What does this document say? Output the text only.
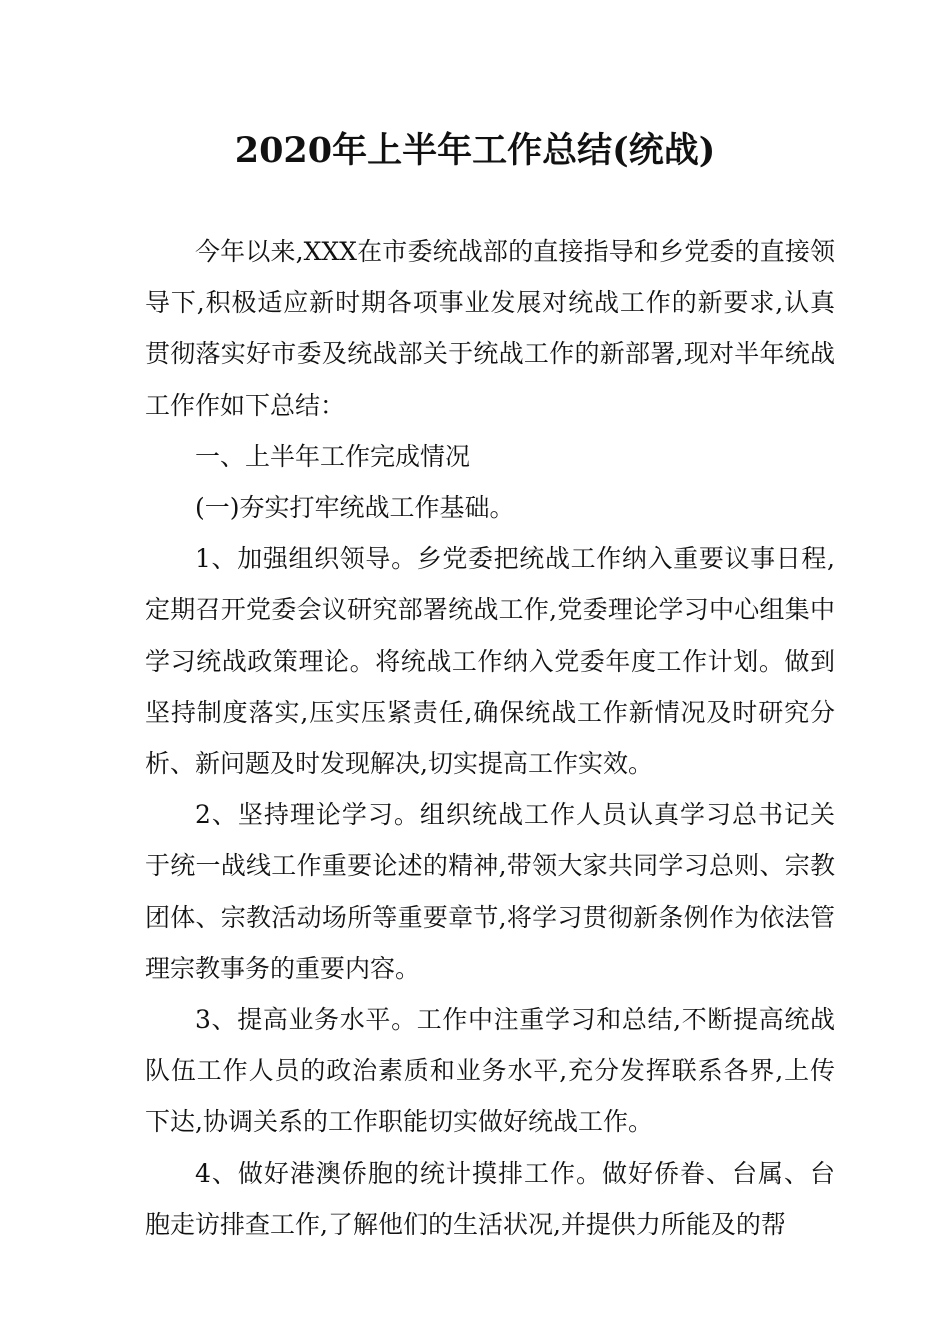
2020年上半年工作总结(统战)

今年以来,XXX在市委统战部的直接指导和乡党委的直接领导下,积极适应新时期各项事业发展对统战工作的新要求,认真贯彻落实好市委及统战部关于统战工作的新部署,现对半年统战工作作如下总结：

一、上半年工作完成情况

(一)夯实打牢统战工作基础。

1、加强组织领导。乡党委把统战工作纳入重要议事日程,定期召开党委会议研究部署统战工作,党委理论学习中心组集中学习统战政策理论。将统战工作纳入党委年度工作计划。做到坚持制度落实,压实压紧责任,确保统战工作新情况及时研究分析、新问题及时发现解决,切实提高工作实效。

2、坚持理论学习。组织统战工作人员认真学习总书记关于统一战线工作重要论述的精神,带领大家共同学习总则、宗教团体、宗教活动场所等重要章节,将学习贯彻新条例作为依法管理宗教事务的重要内容。

3、提高业务水平。工作中注重学习和总结,不断提高统战队伍工作人员的政治素质和业务水平,充分发挥联系各界,上传下达,协调关系的工作职能切实做好统战工作。

4、做好港澳侨胞的统计摸排工作。做好侨眷、台属、台胞走访排查工作,了解他们的生活状况,并提供力所能及的帮
